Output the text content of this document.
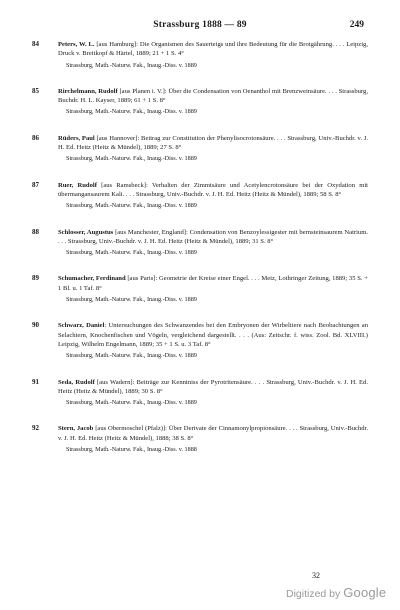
Strassburg 1888 — 89	249
84	Peters, W. L. [aus Hamburg]: Die Organismen des Sauerteigs und ihre Bedeutung für die Brotgährung. . . . Leipzig, Druck v. Breitkopf & Härtel, 1889; 21 + 1 S. 4°
Strassburg, Math.-Naturw. Fak., Inaug.-Diss. v. 1889
85	Rirchelmann, Rudolf [aus Planen i. V.]: Über die Condensation von Oenanthol mit Brenzweinsäure. . . . Strassburg, Buchdr. H. L. Kayser, 1889; 61 + 1 S. 8°
Strassburg, Math.-Naturw. Fak., Inaug.-Diss. v. 1889
86	Rüders, Paul [aus Hannover]: Beitrag zur Constitution der Phenylisocrotonsäure. . . . Strassburg, Univ.-Buchdr. v. J. H. Ed. Heitz (Heitz & Mündel), 1889; 27 S. 8°
Strassburg, Math.-Naturw. Fak., Inaug.-Diss. v. 1889
87	Ruer, Rudolf [aus Ramsbeck]: Verhalten der Zimmtsäure und Acetylencrotonsäure bei der Oxydation mit übermangansaurem Kali. . . . Strassburg, Univ.-Buchdr. v. J. H. Ed. Heitz (Heitz & Mündel), 1889; 58 S. 8°
Strassburg, Math.-Naturw. Fak., Inaug.-Diss. v. 1889
88	Schlosser, Augustus [aus Manchester, England]: Condensation von Benzoylessigester mit bernsteinsaurem Natrium. . . . Strassburg, Univ.-Buchdr. v. J. H. Ed. Heitz (Heitz & Mündel), 1889; 31 S. 8°
Strassburg, Math.-Naturw. Fak., Inaug.-Diss. v. 1889
89	Schumacher, Ferdinand [aus Paris]: Geometrie der Kreise einer Engel. . . . Metz, Lothringer Zeitung, 1889; 35 S. + 1 Bl. u. 1 Taf. 8°
Strassburg, Math.-Naturw. Fak., Inaug.-Diss. v. 1889
90	Schwarz, Daniel: Untersuchungen des Schwanzendes bei den Embryonen der Wirbeltiere nach Beobachtungen an Selachiern, Knochenfischen und Vögeln, vergleichend dargestellt. . . . (Aus: Zeitschr. f. wiss. Zool. Bd. XLVIII.) Leipzig, Wilhelm Engelmann, 1889; 35 + 1 S. u. 3 Taf. 8°
Strassburg, Math.-Naturw. Fak., Inaug.-Diss. v. 1889
91	Seda, Rudolf [aus Wadern]: Beiträge zur Kenntniss der Pyrotritensäure. . . . Strassburg, Univ.-Buchdr. v. J. H. Ed. Heitz (Heitz & Mündel), 1889; 30 S. 8°
Strassburg, Math.-Naturw. Fak., Inaug.-Diss. v. 1889
92	Stern, Jacob [aus Obermoschel (Pfalz)]: Über Derivate der Cinnamonylpropionsäure. . . . Strassburg, Univ.-Buchdr. v. J. H. Ed. Heitz (Heitz & Mündel), 1888; 38 S. 8°
Strassburg, Math.-Naturw. Fak., Inaug.-Diss. v. 1888
32
Digitized by Google
